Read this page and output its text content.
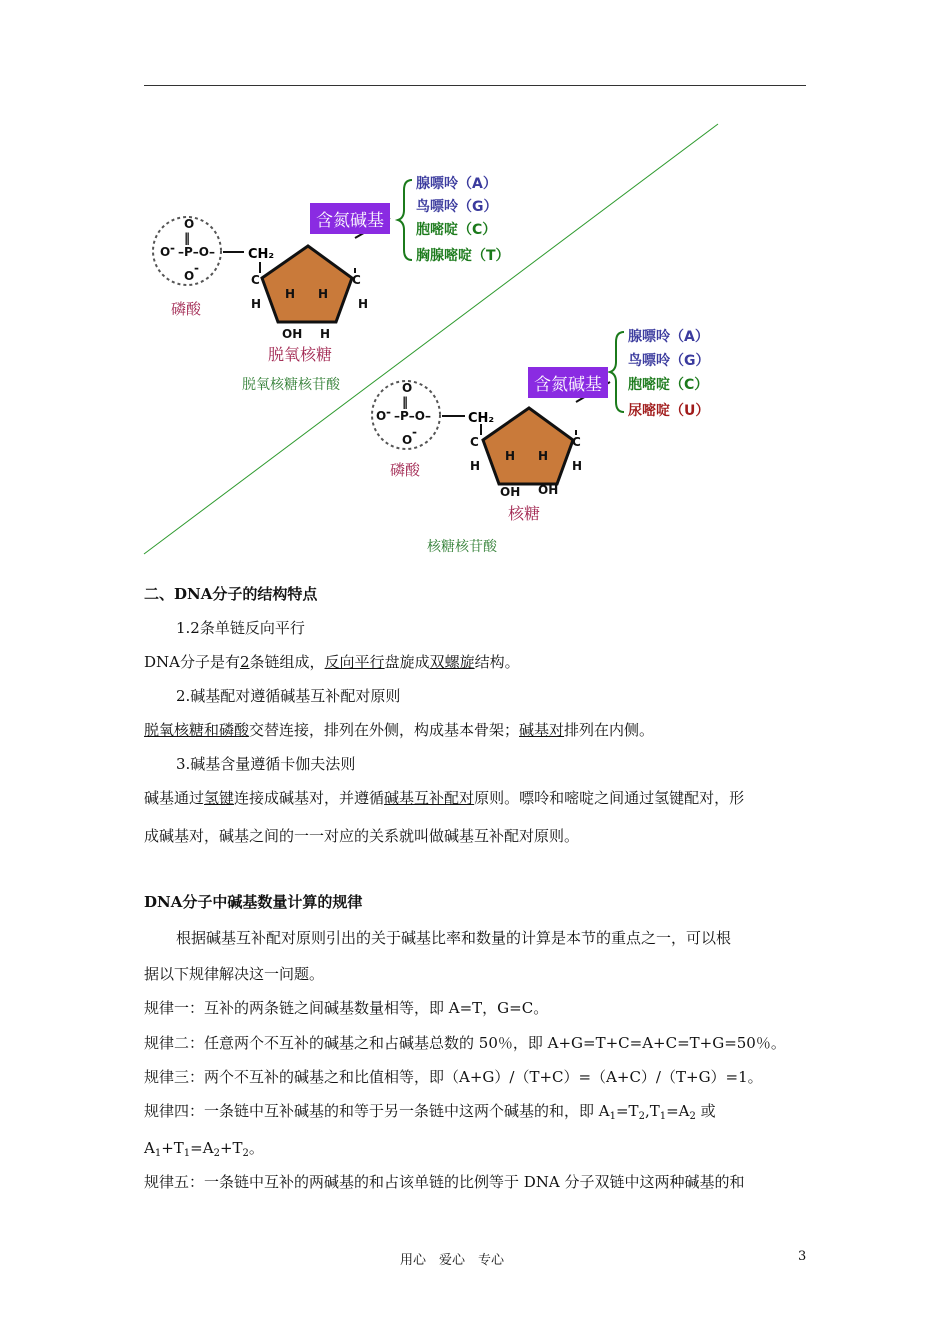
O
‖
O - –P–O–
O
-
CH₂
C	C
H
H H
H
OH H
O
‖
O - –P–O–
O
-
CH₂
C	C
H
H H
H
OH OH
含氮碱基
腺嘌呤（A）
鸟嘌呤（G）
胞嘧啶（C）
胸腺嘧啶（T）
磷酸
脱氧核糖
脱氧核糖核苷酸	含氮碱基
腺嘌呤（A）
鸟嘌呤（G）
胞嘧啶（C）
尿嘧啶（U）
磷酸
核糖
核糖核苷酸
二、DNA分子的结构特点
1.2条单链反向平行
DNA分子是有2条链组成，反向平行盘旋成双螺旋结构。
2.碱基配对遵循碱基互补配对原则
脱氧核糖和磷酸交替连接，排列在外侧，构成基本骨架；碱基对排列在内侧。
3.碱基含量遵循卡伽夫法则
碱基通过氢键连接成碱基对，并遵循碱基互补配对原则。嘌呤和嘧啶之间通过氢键配对，形
成碱基对，碱基之间的一一对应的关系就叫做碱基互补配对原则。
DNA分子中碱基数量计算的规律
根据碱基互补配对原则引出的关于碱基比率和数量的计算是本节的重点之一，可以根
据以下规律解决这一问题。
规律一：互补的两条链之间碱基数量相等，即 A=T，G=C。
规律二：任意两个不互补的碱基之和占碱基总数的 50％，即 A+G=T+C=A+C=T+G=50％。
规律三：两个不互补的碱基之和比值相等，即（A+G）/（T+C）=（A+C）/（T+G）=1。
规律四：一条链中互补碱基的和等于另一条链中这两个碱基的和，即 $A_1=T_2,T_1=A_2$ 或
$A_1+T_1=A_2+T_2$。
规律五：一条链中互补的两碱基的和占该单链的比例等于 DNA 分子双链中这两种碱基的和
用心　爱心　专心	3
